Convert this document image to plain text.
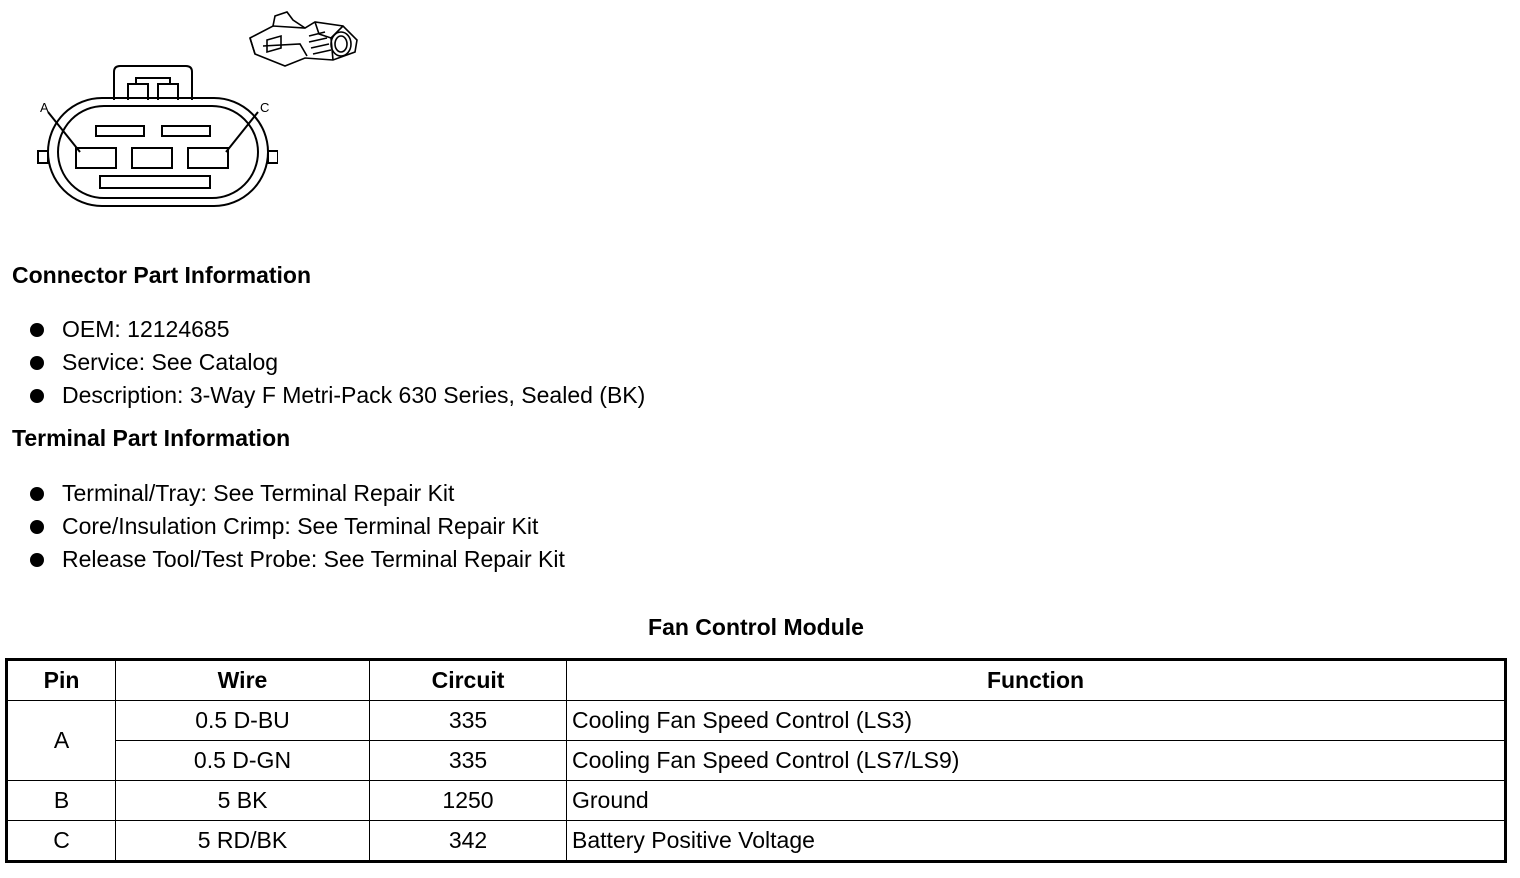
A	C
Connector Part Information
OEM: 12124685
Service: See Catalog
Description: 3-Way F Metri-Pack 630 Series, Sealed (BK)
Terminal Part Information
Terminal/Tray: See Terminal Repair Kit
Core/Insulation Crimp: See Terminal Repair Kit
Release Tool/Test Probe: See Terminal Repair Kit
Fan Control Module
Pin	Wire	Circuit	Function
A	0.5 D-BU	335	Cooling Fan Speed Control (LS3)
	0.5 D-GN	335	Cooling Fan Speed Control (LS7/LS9)
B	5 BK	1250	Ground
C	5 RD/BK	342	Battery Positive Voltage
